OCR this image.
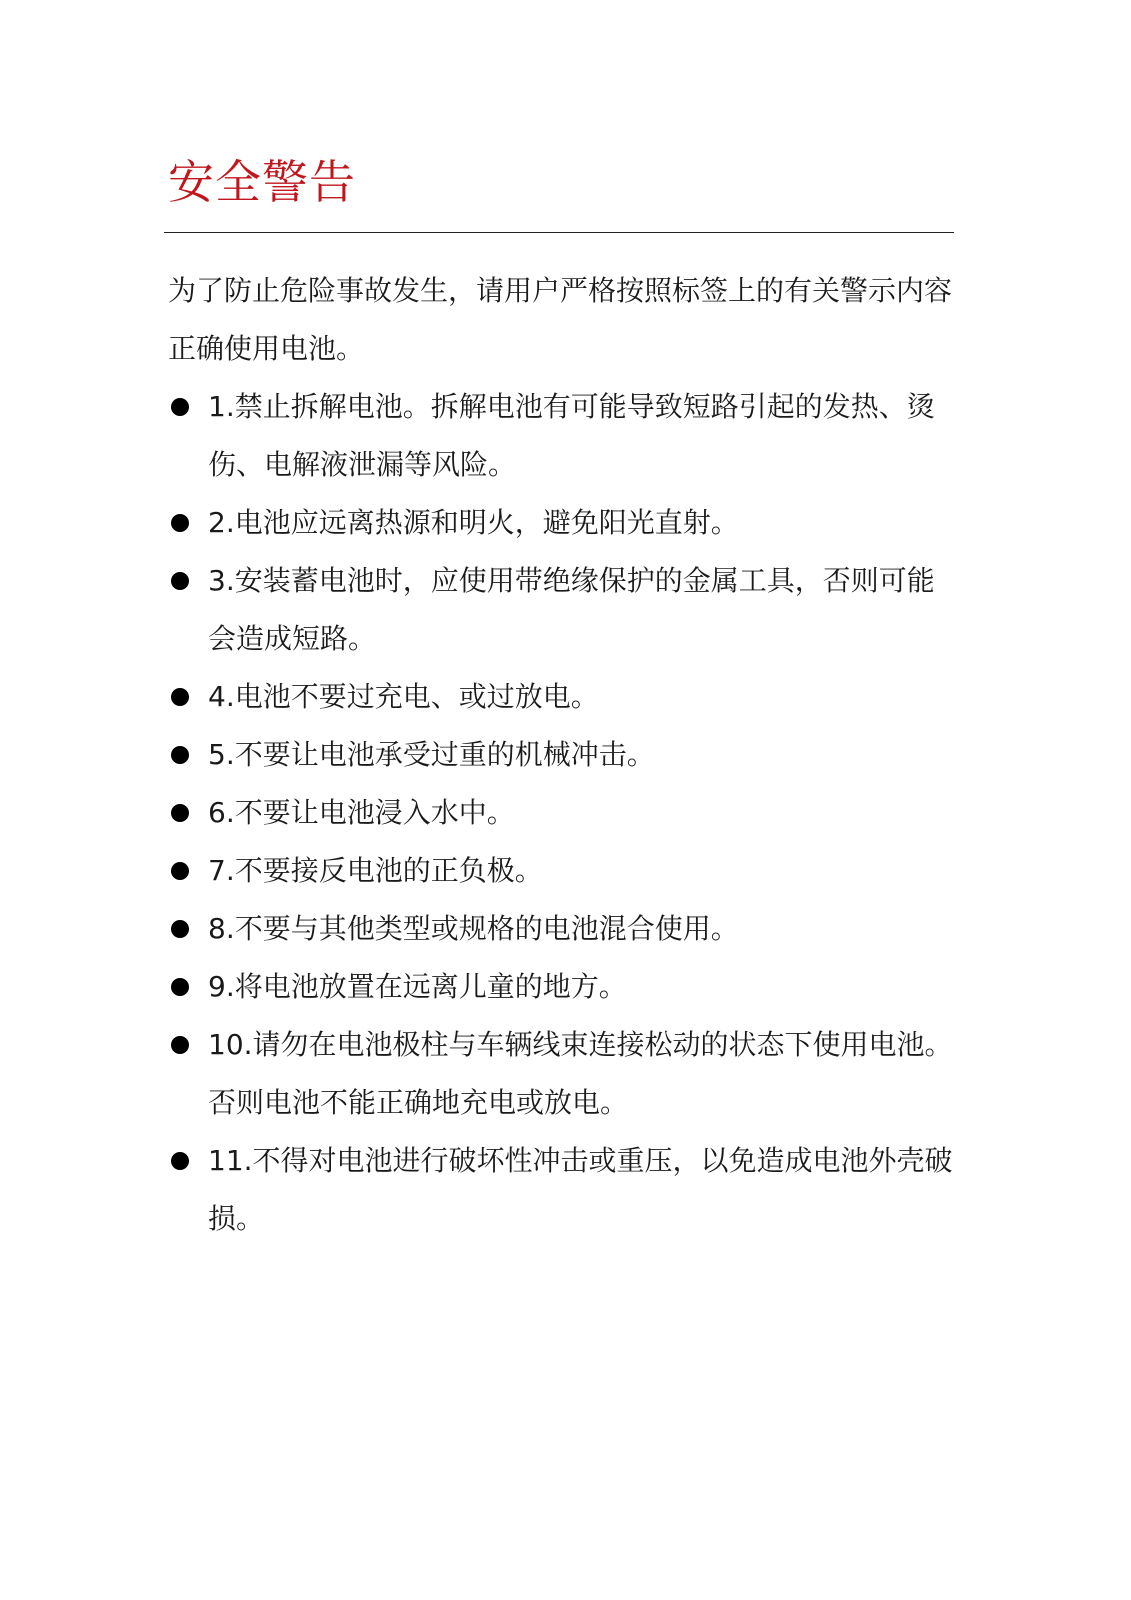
安全警告

为了防止危险事故发生，请用户严格按照标签上的有关警示内容正确使用电池。

1.禁止拆解电池。拆解电池有可能导致短路引起的发热、烫伤、电解液泄漏等风险。
2.电池应远离热源和明火，避免阳光直射。
3.安装蓄电池时，应使用带绝缘保护的金属工具，否则可能会造成短路。
4.电池不要过充电、或过放电。
5.不要让电池承受过重的机械冲击。
6.不要让电池浸入水中。
7.不要接反电池的正负极。
8.不要与其他类型或规格的电池混合使用。
9.将电池放置在远离儿童的地方。
10.请勿在电池极柱与车辆线束连接松动的状态下使用电池。否则电池不能正确地充电或放电。
11.不得对电池进行破坏性冲击或重压，以免造成电池外壳破损。
